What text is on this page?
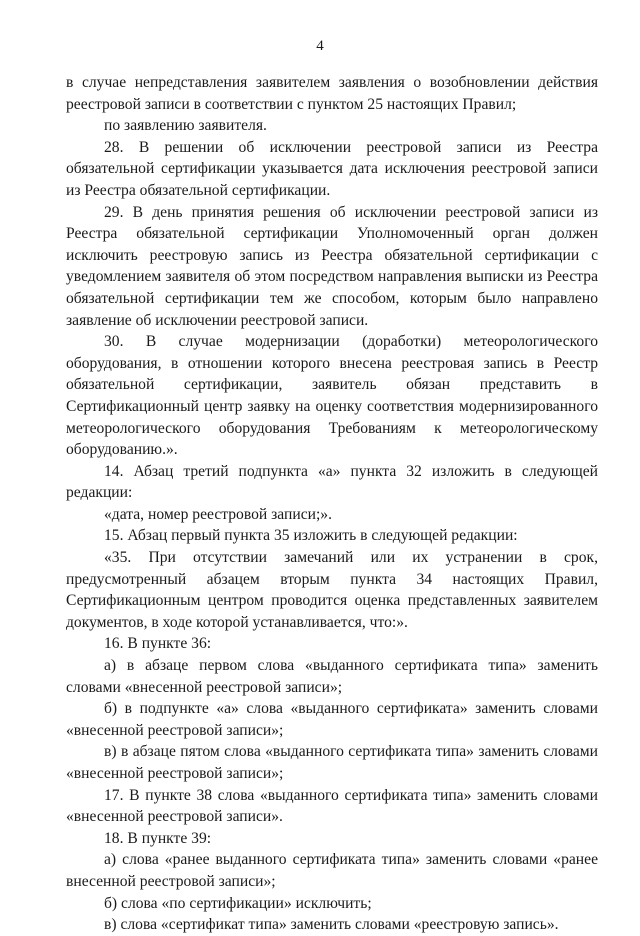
4

в случае непредставления заявителем заявления о возобновлении действия реестровой записи в соответствии с пунктом 25 настоящих Правил;

по заявлению заявителя.

28. В решении об исключении реестровой записи из Реестра обязательной сертификации указывается дата исключения реестровой записи из Реестра обязательной сертификации.

29. В день принятия решения об исключении реестровой записи из Реестра обязательной сертификации Уполномоченный орган должен исключить реестровую запись из Реестра обязательной сертификации с уведомлением заявителя об этом посредством направления выписки из Реестра обязательной сертификации тем же способом, которым было направлено заявление об исключении реестровой записи.

30. В случае модернизации (доработки) метеорологического оборудования, в отношении которого внесена реестровая запись в Реестр обязательной сертификации, заявитель обязан представить в Сертификационный центр заявку на оценку соответствия модернизированного метеорологического оборудования Требованиям к метеорологическому оборудованию.».

14. Абзац третий подпункта «а» пункта 32 изложить в следующей редакции:

«дата, номер реестровой записи;».

15. Абзац первый пункта 35 изложить в следующей редакции:

«35. При отсутствии замечаний или их устранении в срок, предусмотренный абзацем вторым пункта 34 настоящих Правил, Сертификационным центром проводится оценка представленных заявителем документов, в ходе которой устанавливается, что:».

16. В пункте 36:

а) в абзаце первом слова «выданного сертификата типа» заменить словами «внесенной реестровой записи»;

б) в подпункте «а» слова «выданного сертификата» заменить словами «внесенной реестровой записи»;

в) в абзаце пятом слова «выданного сертификата типа» заменить словами «внесенной реестровой записи»;

17. В пункте 38 слова «выданного сертификата типа» заменить словами «внесенной реестровой записи».

18. В пункте 39:

а) слова «ранее выданного сертификата типа» заменить словами «ранее внесенной реестровой записи»;

б) слова «по сертификации» исключить;

в) слова «сертификат типа» заменить словами «реестровую запись».
